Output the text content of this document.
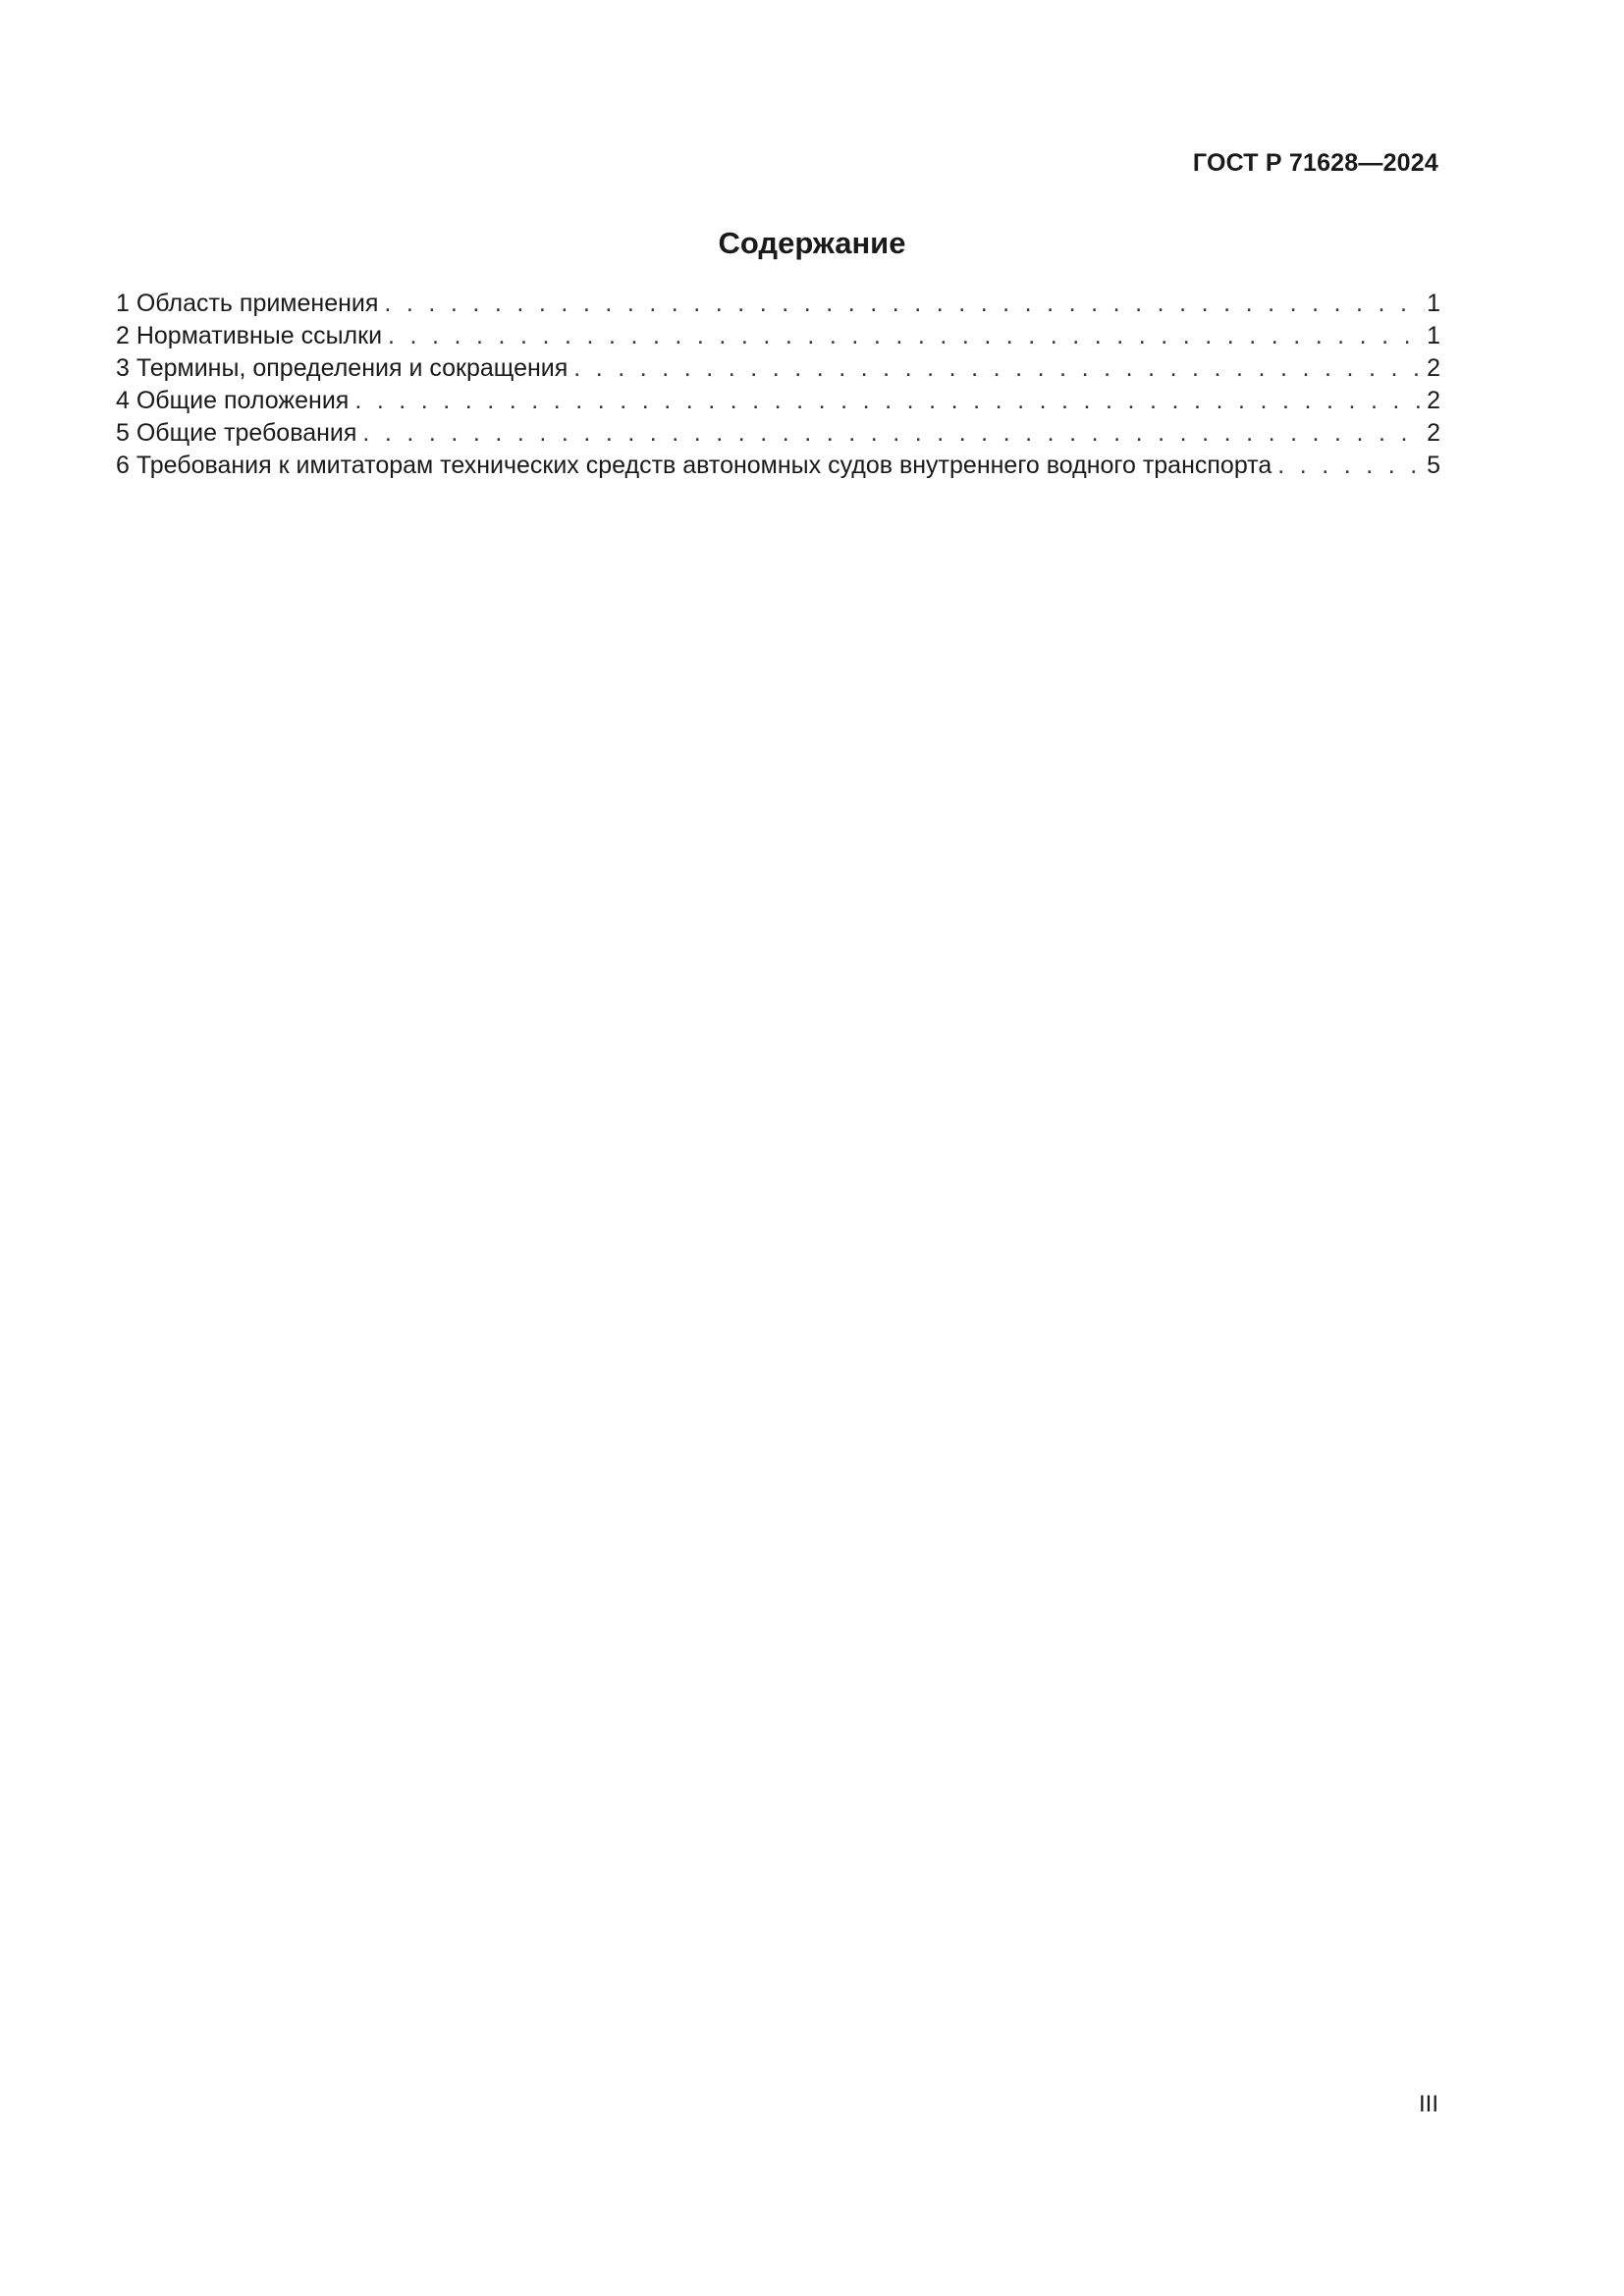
ГОСТ Р 71628—2024
Содержание
1 Область применения . . .	1
2 Нормативные ссылки . . .	1
3 Термины, определения и сокращения . . .	2
4 Общие положения . . .	2
5 Общие требования . . .	2
6 Требования к имитаторам технических средств автономных судов внутреннего водного транспорта . . .	5
III
